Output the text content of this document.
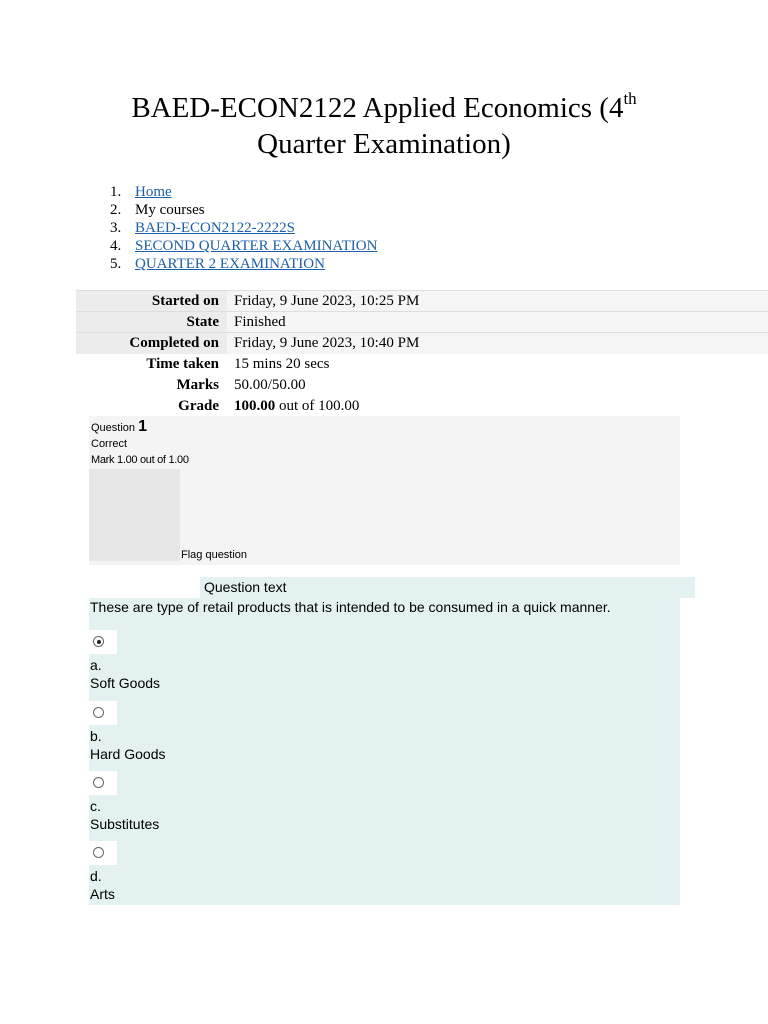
BAED-ECON2122 Applied Economics (4th
Quarter Examination)
1. Home
2. My courses
3. BAED-ECON2122-2222S
4. SECOND QUARTER EXAMINATION
5. QUARTER 2 EXAMINATION
Started on	Friday, 9 June 2023, 10:25 PM
State	Finished
Completed on	Friday, 9 June 2023, 10:40 PM
Time taken	15 mins 20 secs
Marks	50.00/50.00
Grade	100.00 out of 100.00
Question 1
Correct
Mark 1.00 out of 1.00
Flag question
Question text
These are type of retail products that is intended to be consumed in a quick manner.
a.
Soft Goods
b.
Hard Goods
c.
Substitutes
d.
Arts
